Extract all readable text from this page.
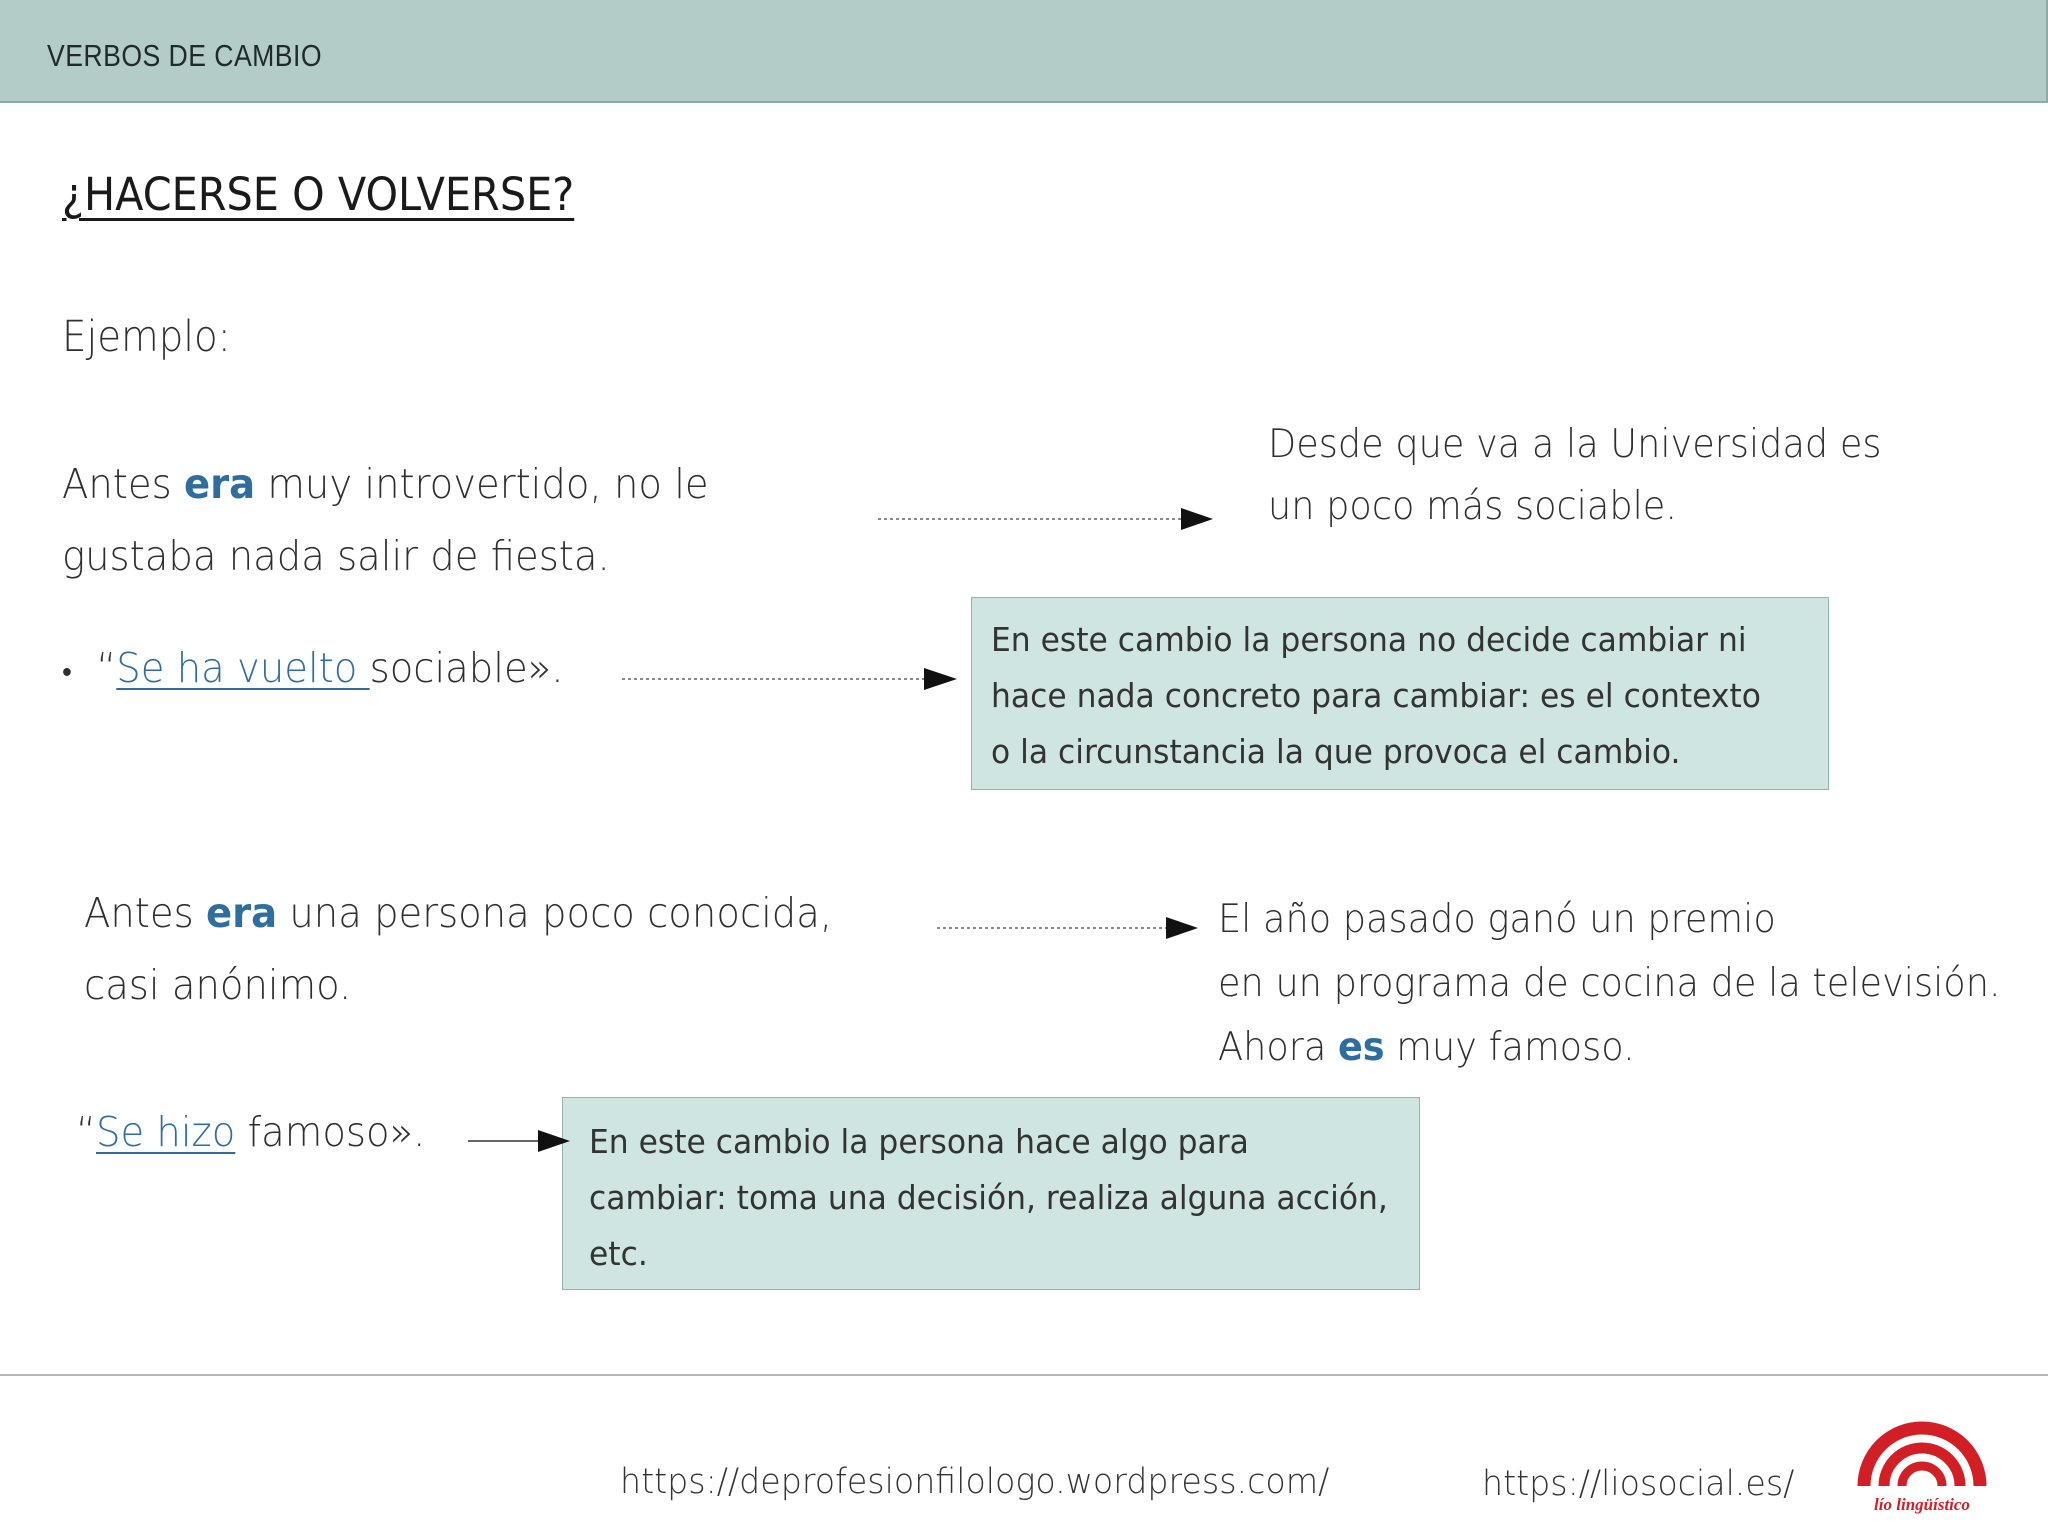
VERBOS DE CAMBIO
¿HACERSE O VOLVERSE?
Ejemplo:
Antes era muy introvertido, no le
gustaba nada salir de fiesta.
Desde que va a la Universidad es
un poco más sociable.
• “Se ha vuelto sociable».
En este cambio la persona no decide cambiar ni
hace nada concreto para cambiar: es el contexto
o la circunstancia la que provoca el cambio.
Antes era una persona poco conocida,
casi anónimo.
El año pasado ganó un premio
en un programa de cocina de la televisión.
Ahora es muy famoso.
“Se hizo famoso».	En este cambio la persona hace algo para
cambiar: toma una decisión, realiza alguna acción,
etc.
https://deprofesionfilologo.wordpress.com/	https://liosocial.es/
lío lingüístico
